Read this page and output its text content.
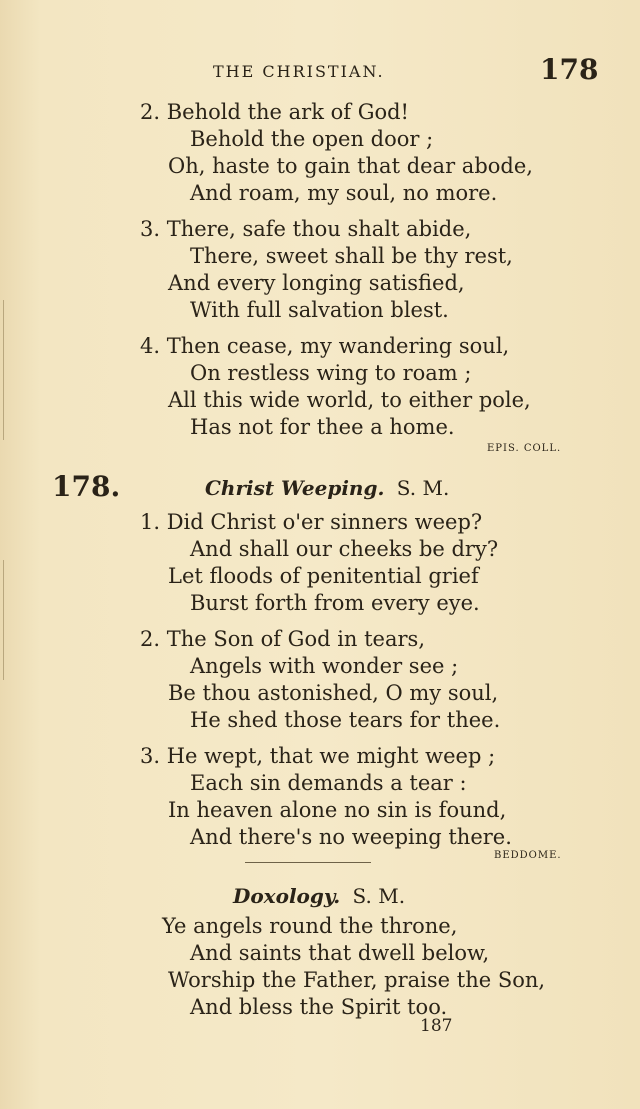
THE CHRISTIAN.	178
2. Behold the ark of God!
Behold the open door ;
Oh, haste to gain that dear abode,
And roam, my soul, no more.
3. There, safe thou shalt abide,
There, sweet shall be thy rest,
And every longing satisfied,
With full salvation blest.
4. Then cease, my wandering soul,
On restless wing to roam ;
All this wide world, to either pole,
Has not for thee a home.
EPIS. COLL.
178.	Christ Weeping. S. M.
1. Did Christ o'er sinners weep?
And shall our cheeks be dry?
Let floods of penitential grief
Burst forth from every eye.
2. The Son of God in tears,
Angels with wonder see ;
Be thou astonished, O my soul,
He shed those tears for thee.
3. He wept, that we might weep ;
Each sin demands a tear :
In heaven alone no sin is found,
And there's no weeping there.
BEDDOME.
Doxology. S. M.
Ye angels round the throne,
And saints that dwell below,
Worship the Father, praise the Son,
And bless the Spirit too.
187
